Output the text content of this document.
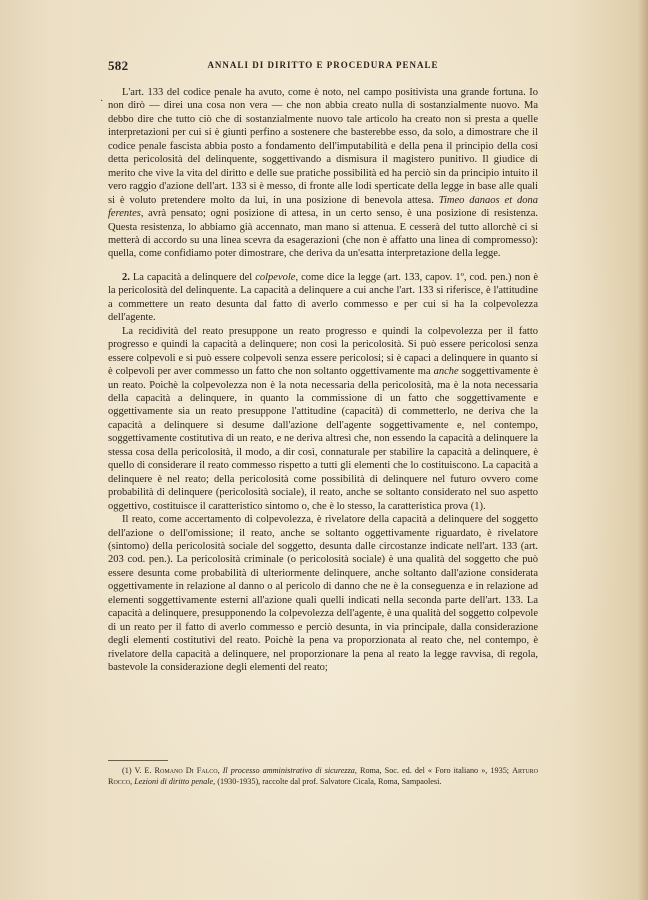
582	ANNALI DI DIRITTO E PROCEDURA PENALE
·

L'art. 133 del codice penale ha avuto, come è noto, nel campo positivista una grande fortuna. Io non dirò — direi una cosa non vera — che non abbia creato nulla di sostanzialmente nuovo. Ma debbo dire che tutto ciò che di sostanzialmente nuovo tale articolo ha creato non si presta a quelle interpretazioni per cui si è giunti perfino a sostenere che basterebbe esso, da solo, a dimostrare che il codice penale fascista abbia posto a fondamento dell'imputabilità e della pena il principio della così detta pericolosità del delinquente, soggettivando a dismisura il magistero punitivo. Il giudice di merito che vive la vita del diritto e delle sue pratiche possibilità ed ha perciò sin da principio intuito il vero raggio d'azione dell'art. 133 si è messo, di fronte alle lodi sperticate della legge in base alle quali si è voluto pretendere molto da lui, in una posizione di benevola attesa. Timeo danaos et dona ferentes, avrà pensato; ogni posizione di attesa, in un certo senso, è una posizione di resistenza. Questa resistenza, lo abbiamo già accennato, man mano si attenua. E cesserà del tutto allorchè ci si metterà di accordo su una linea scevra da esagerazioni (che non è affatto una linea di compromesso): quella, come confidiamo poter dimostrare, che deriva da un'esatta interpretazione della legge.

2. La capacità a delinquere del colpevole, come dice la legge (art. 133, capov. 1º, cod. pen.) non è la pericolosità del delinquente. La capacità a delinquere a cui anche l'art. 133 si riferisce, è l'attitudine a commettere un reato desunta dal fatto di averlo commesso e per cui si ha la colpevolezza dell'agente.

La recidività del reato presuppone un reato progresso e quindi la colpevolezza per il fatto progresso e quindi la capacità a delinquere; non così la pericolosità. Si può essere pericolosi senza essere colpevoli e si può essere colpevoli senza essere pericolosi; si è capaci a delinquere in quanto si è colpevoli per aver commesso un fatto che non soltanto oggettivamente ma anche soggettivamente è un reato. Poichè la colpevolezza non è la nota necessaria della pericolosità, ma è la nota necessaria della capacità a delinquere, in quanto la commissione di un fatto che soggettivamente e oggettivamente sia un reato presuppone l'attitudine (capacità) di commetterlo, ne deriva che la capacità a delinquere si desume dall'azione dell'agente soggettivamente e, nel contempo, soggettivamente costitutiva di un reato, e ne deriva altresì che, non essendo la capacità a delinquere la stessa cosa della pericolosità, il modo, a dir così, connaturale per stabilire la capacità a delinquere, è quello di considerare il reato commesso rispetto a tutti gli elementi che lo costituiscono. La capacità a delinquere è nel reato; della pericolosità come possibilità di delinquere nel futuro ovvero come probabilità di delinquere (pericolosità sociale), il reato, anche se soltanto considerato nel suo aspetto oggettivo, costituisce il caratteristico sintomo o, che è lo stesso, la caratteristica prova (1).

Il reato, come accertamento di colpevolezza, è rivelatore della capacità a delinquere del soggetto dell'azione o dell'omissione; il reato, anche se soltanto oggettivamente riguardato, è rivelatore (sintomo) della pericolosità sociale del soggetto, desunta dalle circostanze indicate nell'art. 133 (art. 203 cod. pen.). La pericolosità criminale (o pericolosità sociale) è una qualità del soggetto che può essere desunta come probabilità di ulteriormente delinquere, anche soltanto dall'azione considerata oggettivamente in relazione al danno o al pericolo di danno che ne è la conseguenza e in relazione ad elementi soggettivamente esterni all'azione quali quelli indicati nella seconda parte dell'art. 133. La capacità a delinquere, presupponendo la colpevolezza dell'agente, è una qualità del soggetto colpevole di un reato per il fatto di averlo commesso e perciò desunta, in via principale, dalla considerazione degli elementi costitutivi del reato. Poichè la pena va proporzionata al reato che, nel contempo, è rivelatore della capacità a delinquere, nel proporzionare la pena al reato la legge ravvisa, di regola, bastevole la considerazione degli elementi del reato;

(1) V. E. Romano Di Falco, Il processo amministrativo di sicurezza, Roma, Soc. ed. del « Foro italiano », 1935; Arturo Rocco, Lezioni di diritto penale, (1930-1935), raccolte dal prof. Salvatore Cicala, Roma, Sampaolesi.
